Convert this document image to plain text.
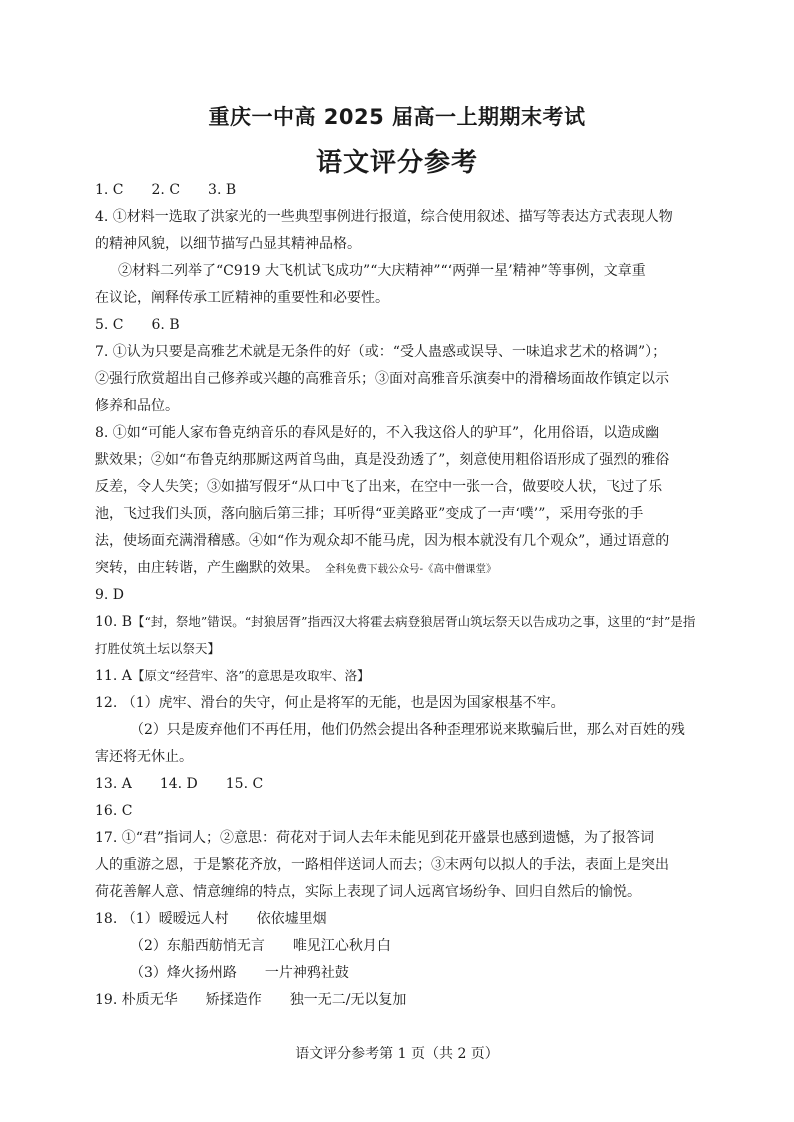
重庆一中高 2025 届高一上期期末考试
语文评分参考
1. C　　2. C　　3. B
4. ①材料一选取了洪家光的一些典型事例进行报道，综合使用叙述、描写等表达方式表现人物
的精神风貌，以细节描写凸显其精神品格。
②材料二列举了“C919 大飞机试飞成功”“大庆精神”“‘两弹一星’精神”等事例，文章重
在议论，阐释传承工匠精神的重要性和必要性。
5. C　　6. B
7. ①认为只要是高雅艺术就是无条件的好（或：“受人蛊惑或误导、一味追求艺术的格调”）；
②强行欣赏超出自己修养或兴趣的高雅音乐；③面对高雅音乐演奏中的滑稽场面故作镇定以示
修养和品位。
8. ①如“可能人家布鲁克纳音乐的春风是好的，不入我这俗人的驴耳”，化用俗语，以造成幽
默效果；②如“布鲁克纳那厮这两首鸟曲，真是没劲透了”，刻意使用粗俗语形成了强烈的雅俗
反差，令人失笑；③如描写假牙“从口中飞了出来，在空中一张一合，做要咬人状，飞过了乐
池，飞过我们头顶，落向脑后第三排；耳听得“亚美路亚”变成了一声‘噗’”，采用夸张的手
法，使场面充满滑稽感。④如“作为观众却不能马虎，因为根本就没有几个观众”，通过语意的
突转，由庄转谐，产生幽默的效果。 全科免费下载公众号-《高中僧课堂》
9. D
10. B【“封，祭地”错误。“封狼居胥”指西汉大将霍去病登狼居胥山筑坛祭天以告成功之事，这里的“封”是指
打胜仗筑土坛以祭天】
11. A【原文“经营牢、洛”的意思是攻取牢、洛】
12. （1）虎牢、滑台的失守，何止是将军的无能，也是因为国家根基不牢。
（2）只是废弃他们不再任用，他们仍然会提出各种歪理邪说来欺骗后世，那么对百姓的残
害还将无休止。
13. A　　14. D　　15. C
16. C
17. ①“君”指词人；②意思：荷花对于词人去年未能见到花开盛景也感到遗憾，为了报答词
人的重游之恩，于是繁花齐放，一路相伴送词人而去；③末两句以拟人的手法，表面上是突出
荷花善解人意、情意缠绵的特点，实际上表现了词人远离官场纷争、回归自然后的愉悦。
18. （1）暧暧远人村　　依依墟里烟
（2）东船西舫悄无言　　唯见江心秋月白
（3）烽火扬州路　　一片神鸦社鼓
19. 朴质无华　　矫揉造作　　独一无二/无以复加
语文评分参考第 1 页（共 2 页）
